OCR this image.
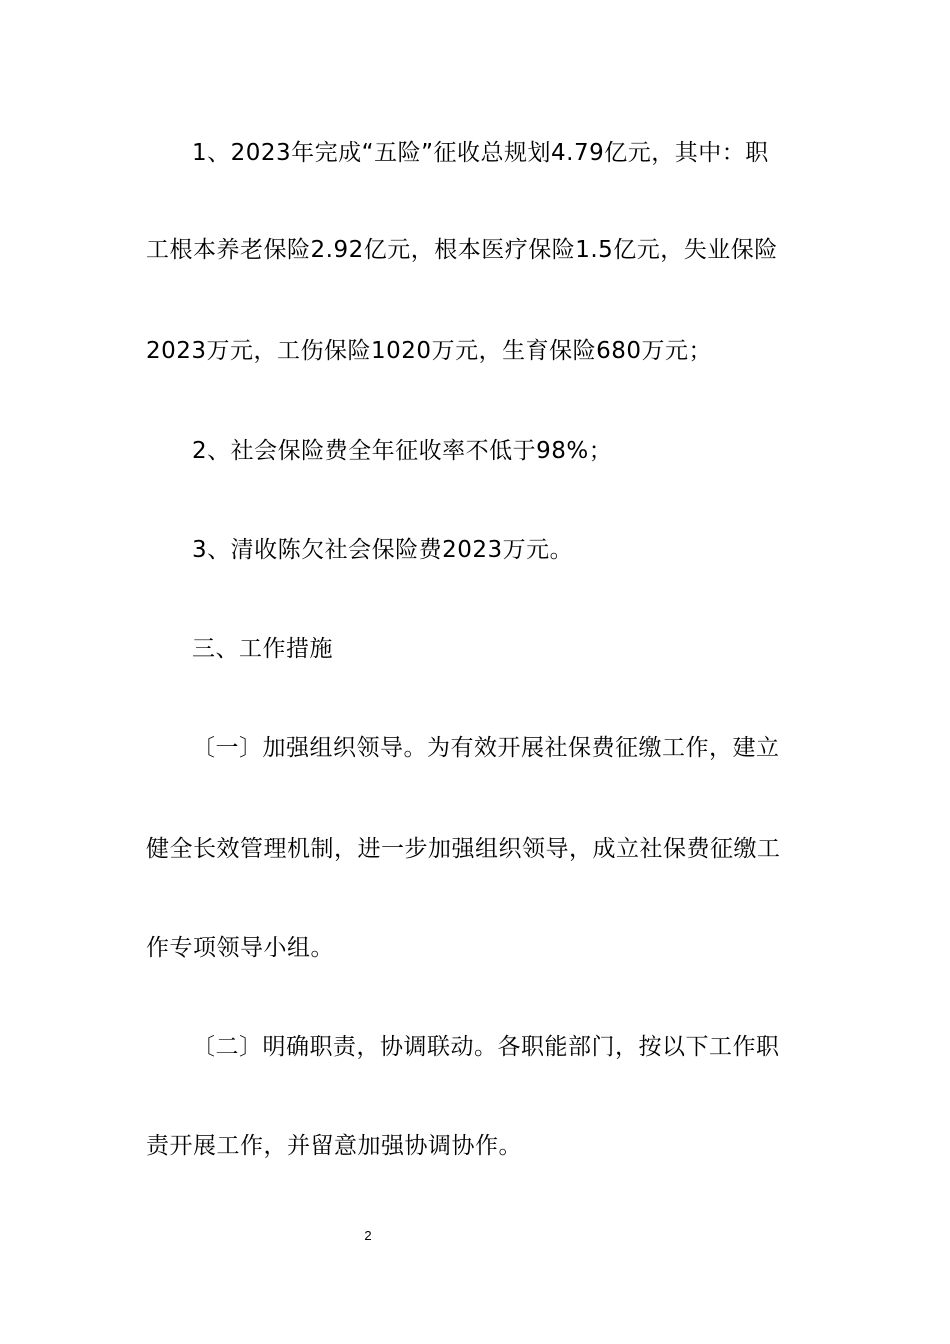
1、2023年完成“五险”征收总规划4.79亿元，其中：职
工根本养老保险2.92亿元，根本医疗保险1.5亿元，失业保险
2023万元，工伤保险1020万元，生育保险680万元；
2、社会保险费全年征收率不低于98%；
3、清收陈欠社会保险费2023万元。
三、工作措施
〔一〕加强组织领导。为有效开展社保费征缴工作，建立
健全长效管理机制，进一步加强组织领导，成立社保费征缴工
作专项领导小组。
〔二〕明确职责，协调联动。各职能部门，按以下工作职
责开展工作，并留意加强协调协作。
2
